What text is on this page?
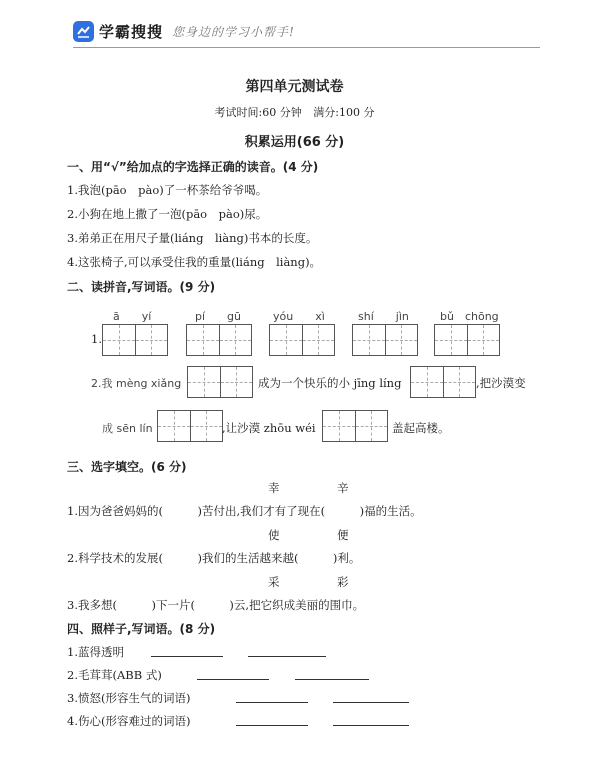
学霸搜搜 您身边的学习小帮手!
第四单元测试卷
考试时间:60 分钟 满分:100 分
积累运用(66 分)
一、用“√”给加点的字选择正确的读音。(4 分)
1.我泡(pāo　pào)了一杯茶给爷爷喝。
2.小狗在地上撒了一泡(pāo　pào)尿。
3.弟弟正在用尺子量(liáng　liàng)书本的长度。
4.这张椅子,可以承受住我的重量(liáng　liàng)。
二、读拼音,写词语。(9 分)
ā　　yí	pí　　gū	yóu　　xì	shí　　jìn	bǔ　chōng
1.
2.我 mèng xiǎng	成为一个快乐的小 jīng líng	,把沙漠变
成 sēn lín	,让沙漠 zhōu wéi	盖起高楼。
三、选字填空。(6 分)
幸　　　　　辛
1.因为爸爸妈妈的(　　　)苦付出,我们才有了现在(　　　)福的生活。
使　　　　　便
2.科学技术的发展(　　　)我们的生活越来越(　　　)利。
采　　　　　彩
3.我多想(　　　)下一片(　　　)云,把它织成美丽的围巾。
四、照样子,写词语。(8 分)
1.蓝得透明
2.毛茸茸(ABB 式)
3.愤怒(形容生气的词语)
4.伤心(形容难过的词语)
